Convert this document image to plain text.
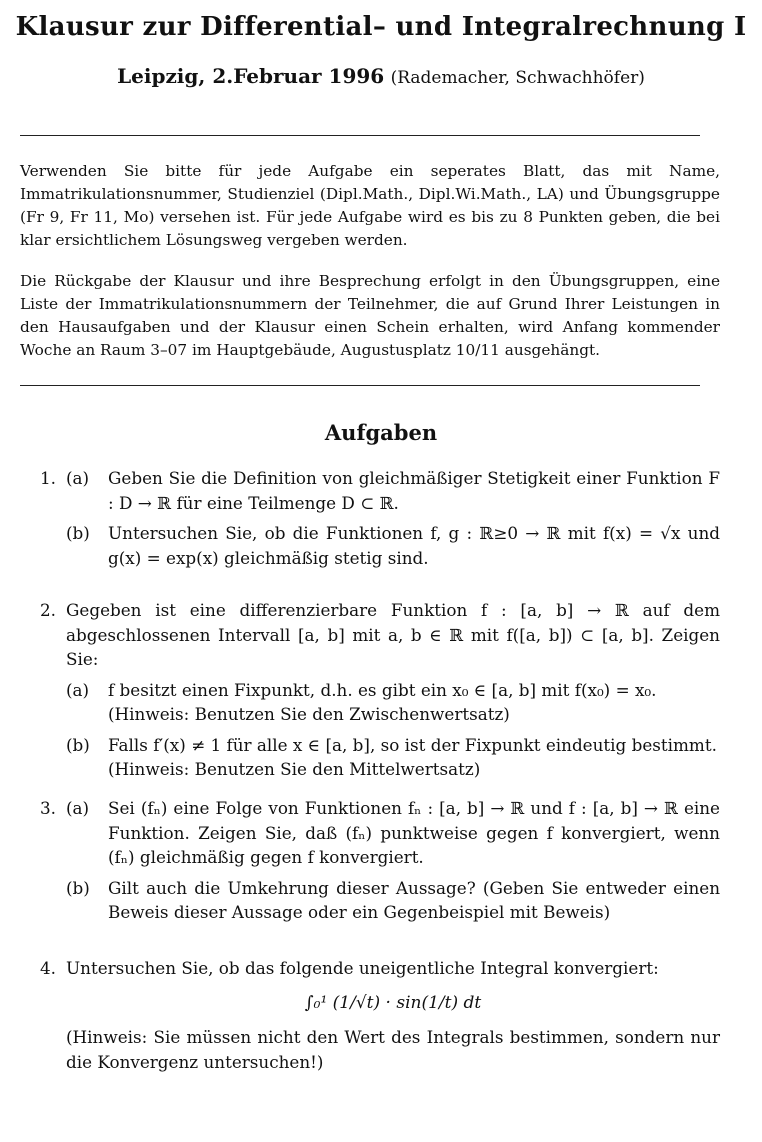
Klausur zur Differential– und Integralrechnung I
Leipzig, 2.Februar 1996 (Rademacher, Schwachhöfer)
Verwenden Sie bitte für jede Aufgabe ein seperates Blatt, das mit Name, Immatrikulationsnummer, Studienziel (Dipl.Math., Dipl.Wi.Math., LA) und Übungsgruppe (Fr 9, Fr 11, Mo) versehen ist. Für jede Aufgabe wird es bis zu 8 Punkten geben, die bei klar ersichtlichem Lösungsweg vergeben werden.
Die Rückgabe der Klausur und ihre Besprechung erfolgt in den Übungsgruppen, eine Liste der Immatrikulationsnummern der Teilnehmer, die auf Grund Ihrer Leistungen in den Hausaufgaben und der Klausur einen Schein erhalten, wird Anfang kommender Woche an Raum 3–07 im Hauptgebäude, Augustusplatz 10/11 ausgehängt.
Aufgaben
1. (a) Geben Sie die Definition von gleichmäßiger Stetigkeit einer Funktion F : D → ℝ für eine Teilmenge D ⊂ ℝ.
(b) Untersuchen Sie, ob die Funktionen f, g : ℝ≥0 → ℝ mit f(x) = √x und g(x) = exp(x) gleichmäßig stetig sind.
2. Gegeben ist eine differenzierbare Funktion f : [a, b] → ℝ auf dem abgeschlossenen Intervall [a, b] mit a, b ∈ ℝ mit f([a, b]) ⊂ [a, b]. Zeigen Sie:
(a) f besitzt einen Fixpunkt, d.h. es gibt ein x₀ ∈ [a, b] mit f(x₀) = x₀.
(Hinweis: Benutzen Sie den Zwischenwertsatz)
(b) Falls f′(x) ≠ 1 für alle x ∈ [a, b], so ist der Fixpunkt eindeutig bestimmt.
(Hinweis: Benutzen Sie den Mittelwertsatz)
3. (a) Sei (fₙ) eine Folge von Funktionen fₙ : [a, b] → ℝ und f : [a, b] → ℝ eine Funktion. Zeigen Sie, daß (fₙ) punktweise gegen f konvergiert, wenn (fₙ) gleichmäßig gegen f konvergiert.
(b) Gilt auch die Umkehrung dieser Aussage? (Geben Sie entweder einen Beweis dieser Aussage oder ein Gegenbeispiel mit Beweis)
4. Untersuchen Sie, ob das folgende uneigentliche Integral konvergiert:
∫₀¹ (1/√t) · sin(1/t) dt
(Hinweis: Sie müssen nicht den Wert des Integrals bestimmen, sondern nur die Konvergenz untersuchen!)
